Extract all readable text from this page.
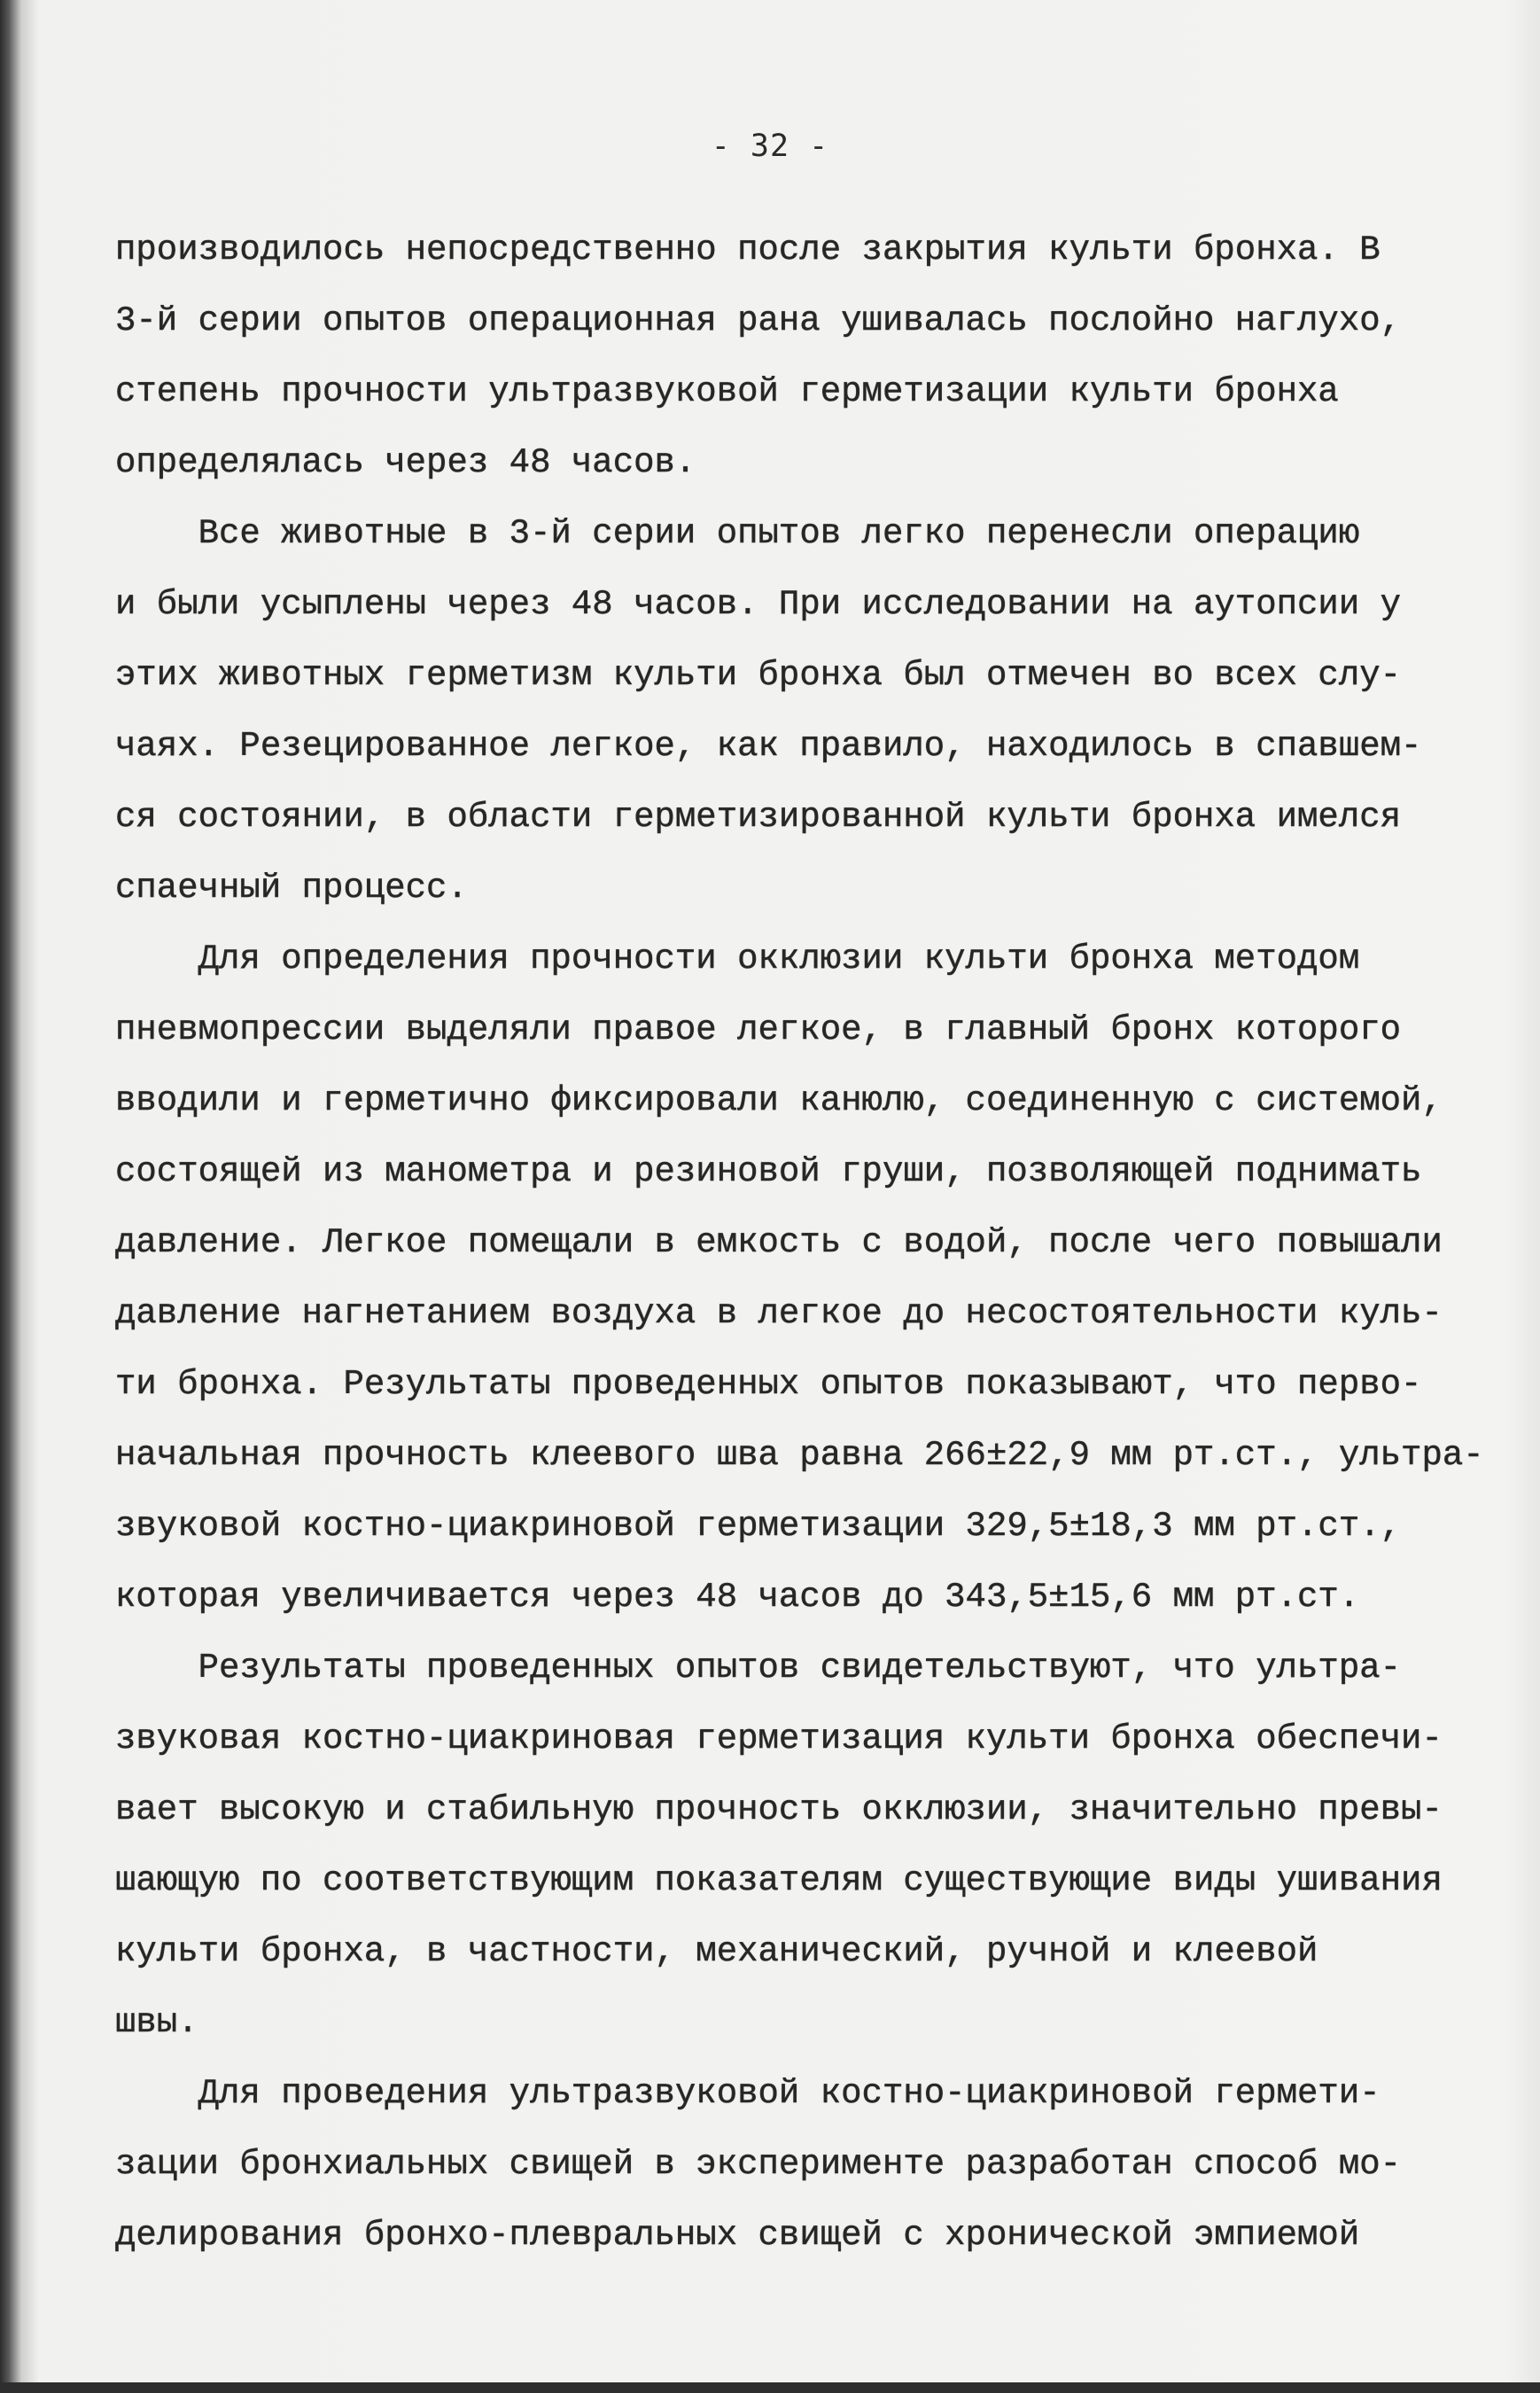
- 32 -

производилось непосредственно после закрытия культи бронха. В

3-й серии опытов операционная рана ушивалась послойно наглухо,

степень прочности ультразвуковой герметизации культи бронха

определялась через 48 часов.

Все животные в 3-й серии опытов легко перенесли операцию

и были усыплены через 48 часов. При исследовании на аутопсии у

этих животных герметизм культи бронха был отмечен во всех слу-

чаях. Резецированное легкое, как правило, находилось в спавшем-

ся состоянии, в области герметизированной культи бронха имелся

спаечный процесс.

Для определения прочности окклюзии культи бронха методом

пневмопрессии выделяли правое легкое, в главный бронх которого

вводили и герметично фиксировали канюлю, соединенную с системой,

состоящей из манометра и резиновой груши, позволяющей поднимать

давление. Легкое помещали в емкость с водой, после чего повышали

давление нагнетанием воздуха в легкое до несостоятельности куль-

ти бронха. Результаты проведенных опытов показывают, что перво-

начальная прочность клеевого шва равна 266±22,9 мм рт.ст., ультра-

звуковой костно-циакриновой герметизации 329,5±18,3 мм рт.ст.,

которая увеличивается через 48 часов до 343,5±15,6 мм рт.ст.

Результаты проведенных опытов свидетельствуют, что ультра-

звуковая костно-циакриновая герметизация культи бронха обеспечи-

вает высокую и стабильную прочность окклюзии, значительно превы-

шающую по соответствующим показателям существующие виды ушивания

культи бронха, в частности, механический, ручной и клеевой

швы.

Для проведения ультразвуковой костно-циакриновой гермети-

зации бронхиальных свищей в эксперименте разработан способ мо-

делирования бронхо-плевральных свищей с хронической эмпиемой
